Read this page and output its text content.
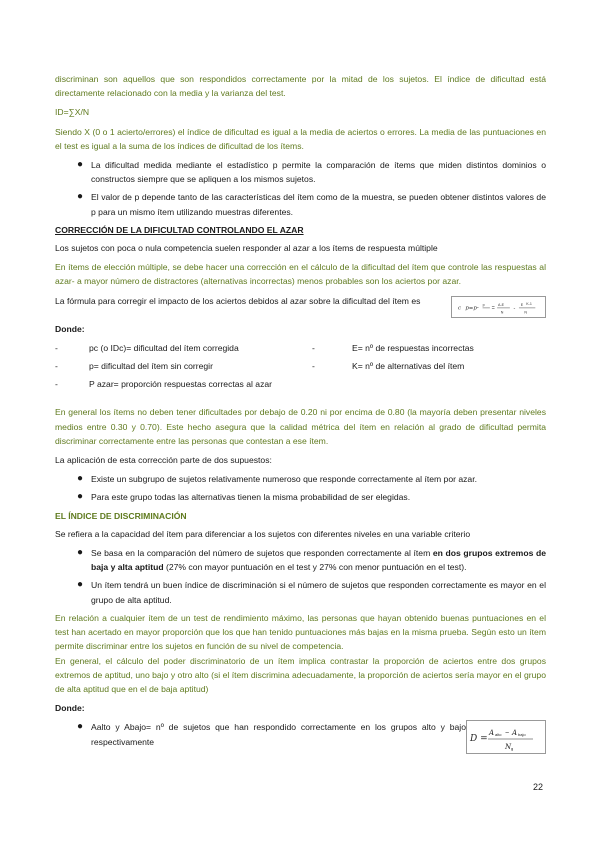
discriminan son aquellos que son respondidos correctamente por la mitad de los sujetos. El índice de dificultad está directamente relacionado con la media y la varianza del test.

ID=∑X/N

Siendo X (0 o 1 acierto/errores) el índice de dificultad es igual a la media de aciertos o errores. La media de las puntuaciones en el test es igual a la suma de los índices de dificultad de los ítems.

● La dificultad medida mediante el estadístico p permite la comparación de ítems que miden distintos dominios o constructos siempre que se apliquen a los mismos sujetos.
● El valor de p depende tanto de las características del ítem como de la muestra, se pueden obtener distintos valores de p para un mismo ítem utilizando muestras diferentes.
CORRECCIÓN DE LA DIFICULTAD CONTROLANDO EL AZAR

Los sujetos con poca o nula competencia suelen responder al azar a los ítems de respuesta múltiple

En ítems de elección múltiple, se debe hacer una corrección en el cálculo de la dificultad del ítem que controle las respuestas al azar- a mayor número de distractores (alternativas incorrectas) menos probables son los aciertos por azar.

La fórmula para corregir el impacto de los aciertos debidos al azar sobre la dificultad del ítem es

c p=p-
p
=
A-E
N
-
E K-1
N
Donde:
-	pc (o IDc)= dificultad del ítem corregida	-	E= nº de respuestas incorrectas
-	p= dificultad del ítem sin corregir	-	K= nº de alternativas del ítem
-	P azar= proporción respuestas correctas al azar

En general los ítems no deben tener dificultades por debajo de 0.20 ni por encima de 0.80 (la mayoría deben presentar niveles medios entre 0.30 y 0.70). Este hecho asegura que la calidad métrica del ítem en relación al grado de dificultad permita discriminar correctamente entre las personas que contestan a ese ítem.

La aplicación de esta corrección parte de dos supuestos:

● Existe un subgrupo de sujetos relativamente numeroso que responde correctamente al ítem por azar.
● Para este grupo todas las alternativas tienen la misma probabilidad de ser elegidas.
EL ÍNDICE DE DISCRIMINACIÓN

Se refiera a la capacidad del ítem para diferenciar a los sujetos con diferentes niveles en una variable criterio

● Se basa en la comparación del número de sujetos que responden correctamente al ítem en dos grupos extremos de baja y alta aptitud (27% con mayor puntuación en el test y 27% con menor puntuación en el test).
● Un ítem tendrá un buen índice de discriminación si el número de sujetos que responden correctamente es mayor en el grupo de alta aptitud.

En relación a cualquier ítem de un test de rendimiento máximo, las personas que hayan obtenido buenas puntuaciones en el test han acertado en mayor proporción que los que han tenido puntuaciones más bajas en la misma prueba. Según esto un ítem permite discriminar entre los sujetos en función de su nivel de competencia.

En general, el cálculo del poder discriminatorio de un ítem implica contrastar la proporción de aciertos entre dos grupos extremos de aptitud, uno bajo y otro alto (si el ítem discrimina adecuadamente, la proporción de aciertos sería mayor en el grupo de alta aptitud que en el de baja aptitud)

Donde:
● Aalto y Abajo= nº de sujetos que han respondido correctamente en los grupos alto y bajo respectivamente	D =
A alto − A bajo
N g
22
